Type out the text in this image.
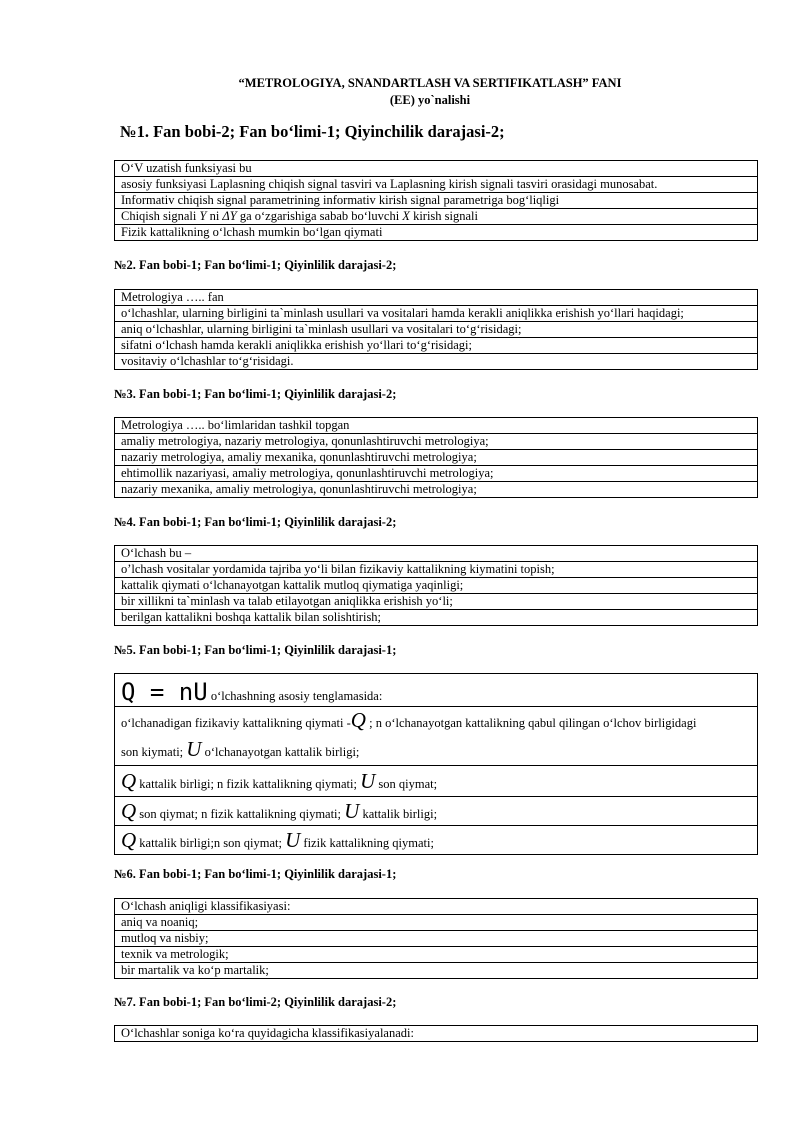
“METROLOGIYA, SNANDARTLASH VA SERTIFIKATLASH” FANI
(EE) yo`nalishi
№1. Fan bobi-2; Fan bo‘limi-1; Qiyinchilik darajasi-2;
O‘V uzatish funksiyasi bu
asosiy funksiyasi Laplasning chiqish signal tasviri va Laplasning kirish signali tasviri orasidagi munosabat.
Informativ chiqish signal parametrining informativ kirish signal parametriga bog‘liqligi
Chiqish signali Y ni ΔY ga o‘zgarishiga sabab bo‘luvchi X kirish signali
Fizik kattalikning o‘lchash mumkin bo‘lgan qiymati
№2. Fan bobi-1; Fan bo‘limi-1; Qiyinlilik darajasi-2;
Metrologiya ….. fan
o‘lchashlar, ularning birligini ta`minlash usullari va vositalari hamda kerakli aniqlikka erishish yo‘llari haqidagi;
aniq o‘lchashlar, ularning birligini ta`minlash usullari va vositalari to‘g‘risidagi;
sifatni o‘lchash hamda kerakli aniqlikka erishish yo‘llari to‘g‘risidagi;
vositaviy o‘lchashlar to‘g‘risidagi.
№3. Fan bobi-1; Fan bo‘limi-1; Qiyinlilik darajasi-2;
Metrologiya ….. bo‘limlaridan tashkil topgan
amaliy metrologiya, nazariy metrologiya, qonunlashtiruvchi metrologiya;
nazariy metrologiya, amaliy mexanika, qonunlashtiruvchi metrologiya;
ehtimollik nazariyasi, amaliy metrologiya, qonunlashtiruvchi metrologiya;
nazariy mexanika, amaliy metrologiya, qonunlashtiruvchi metrologiya;
№4. Fan bobi-1; Fan bo‘limi-1; Qiyinlilik darajasi-2;
O‘lchash bu –
o’lchash vositalar yordamida tajriba yo‘li bilan fizikaviy kattalikning kiymatini topish;
kattalik qiymati o‘lchanayotgan kattalik mutloq qiymatiga yaqinligi;
bir xillikni ta`minlash va talab etilayotgan aniqlikka erishish yo‘li;
berilgan kattalikni boshqa kattalik bilan solishtirish;
№5. Fan bobi-1; Fan bo‘limi-1; Qiyinlilik darajasi-1;
Q = nU o‘lchashning asosiy tenglamasida:
o‘lchanadigan fizikaviy kattalikning qiymati -Q ; n o‘lchanayotgan kattalikning qabul qilingan o‘lchov birligidagi
son kiymati; U o‘lchanayotgan kattalik birligi;
Q kattalik birligi; n fizik kattalikning qiymati; U son qiymat;
Q son qiymat; n fizik kattalikning qiymati; U kattalik birligi;
Q kattalik birligi;n son qiymat; U fizik kattalikning qiymati;
№6. Fan bobi-1; Fan bo‘limi-1; Qiyinlilik darajasi-1;
O‘lchash aniqligi klassifikasiyasi:
aniq va noaniq;
mutloq va nisbiy;
texnik va metrologik;
bir martalik va ko‘p martalik;
№7. Fan bobi-1; Fan bo‘limi-2; Qiyinlilik darajasi-2;
O‘lchashlar soniga ko‘ra quyidagicha klassifikasiyalanadi:
